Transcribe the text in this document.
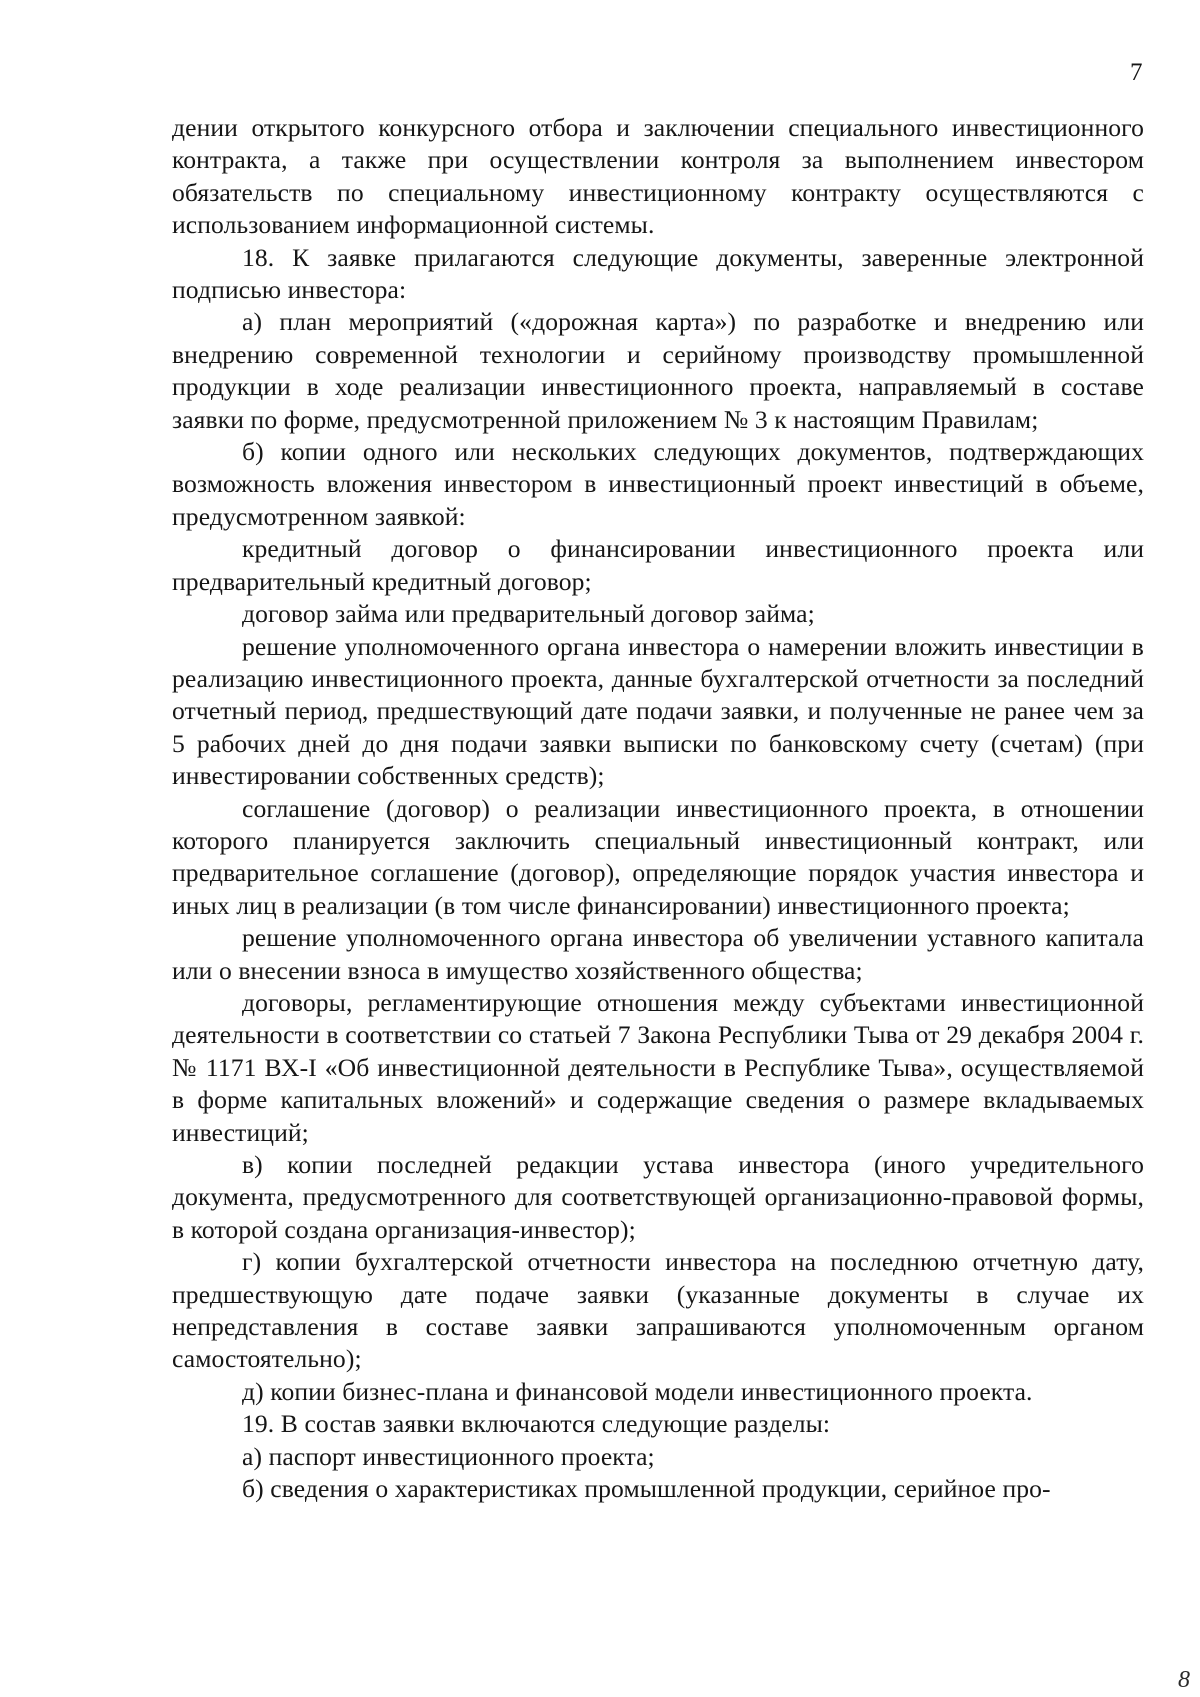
7

дении открытого конкурсного отбора и заключении специального инвестиционного контракта, а также при осуществлении контроля за выполнением инвестором обязательств по специальному инвестиционному контракту осуществляются с использованием информационной системы.

18. К заявке прилагаются следующие документы, заверенные электронной подписью инвестора:

а) план мероприятий («дорожная карта») по разработке и внедрению или внедрению современной технологии и серийному производству промышленной продукции в ходе реализации инвестиционного проекта, направляемый в составе заявки по форме, предусмотренной приложением № 3 к настоящим Правилам;

б) копии одного или нескольких следующих документов, подтверждающих возможность вложения инвестором в инвестиционный проект инвестиций в объеме, предусмотренном заявкой:

кредитный договор о финансировании инвестиционного проекта или предварительный кредитный договор;

договор займа или предварительный договор займа;

решение уполномоченного органа инвестора о намерении вложить инвестиции в реализацию инвестиционного проекта, данные бухгалтерской отчетности за последний отчетный период, предшествующий дате подачи заявки, и полученные не ранее чем за 5 рабочих дней до дня подачи заявки выписки по банковскому счету (счетам) (при инвестировании собственных средств);

соглашение (договор) о реализации инвестиционного проекта, в отношении которого планируется заключить специальный инвестиционный контракт, или предварительное соглашение (договор), определяющие порядок участия инвестора и иных лиц в реализации (в том числе финансировании) инвестиционного проекта;

решение уполномоченного органа инвестора об увеличении уставного капитала или о внесении взноса в имущество хозяйственного общества;

договоры, регламентирующие отношения между субъектами инвестиционной деятельности в соответствии со статьей 7 Закона Республики Тыва от 29 декабря 2004 г. № 1171 ВХ-I «Об инвестиционной деятельности в Республике Тыва», осуществляемой в форме капитальных вложений» и содержащие сведения о размере вкладываемых инвестиций;

в) копии последней редакции устава инвестора (иного учредительного документа, предусмотренного для соответствующей организационно-правовой формы, в которой создана организация-инвестор);

г) копии бухгалтерской отчетности инвестора на последнюю отчетную дату, предшествующую дате подаче заявки (указанные документы в случае их непредставления в составе заявки запрашиваются уполномоченным органом самостоятельно);

д) копии бизнес-плана и финансовой модели инвестиционного проекта.

19. В состав заявки включаются следующие разделы:

а) паспорт инвестиционного проекта;

б) сведения о характеристиках промышленной продукции, серийное про-

8
